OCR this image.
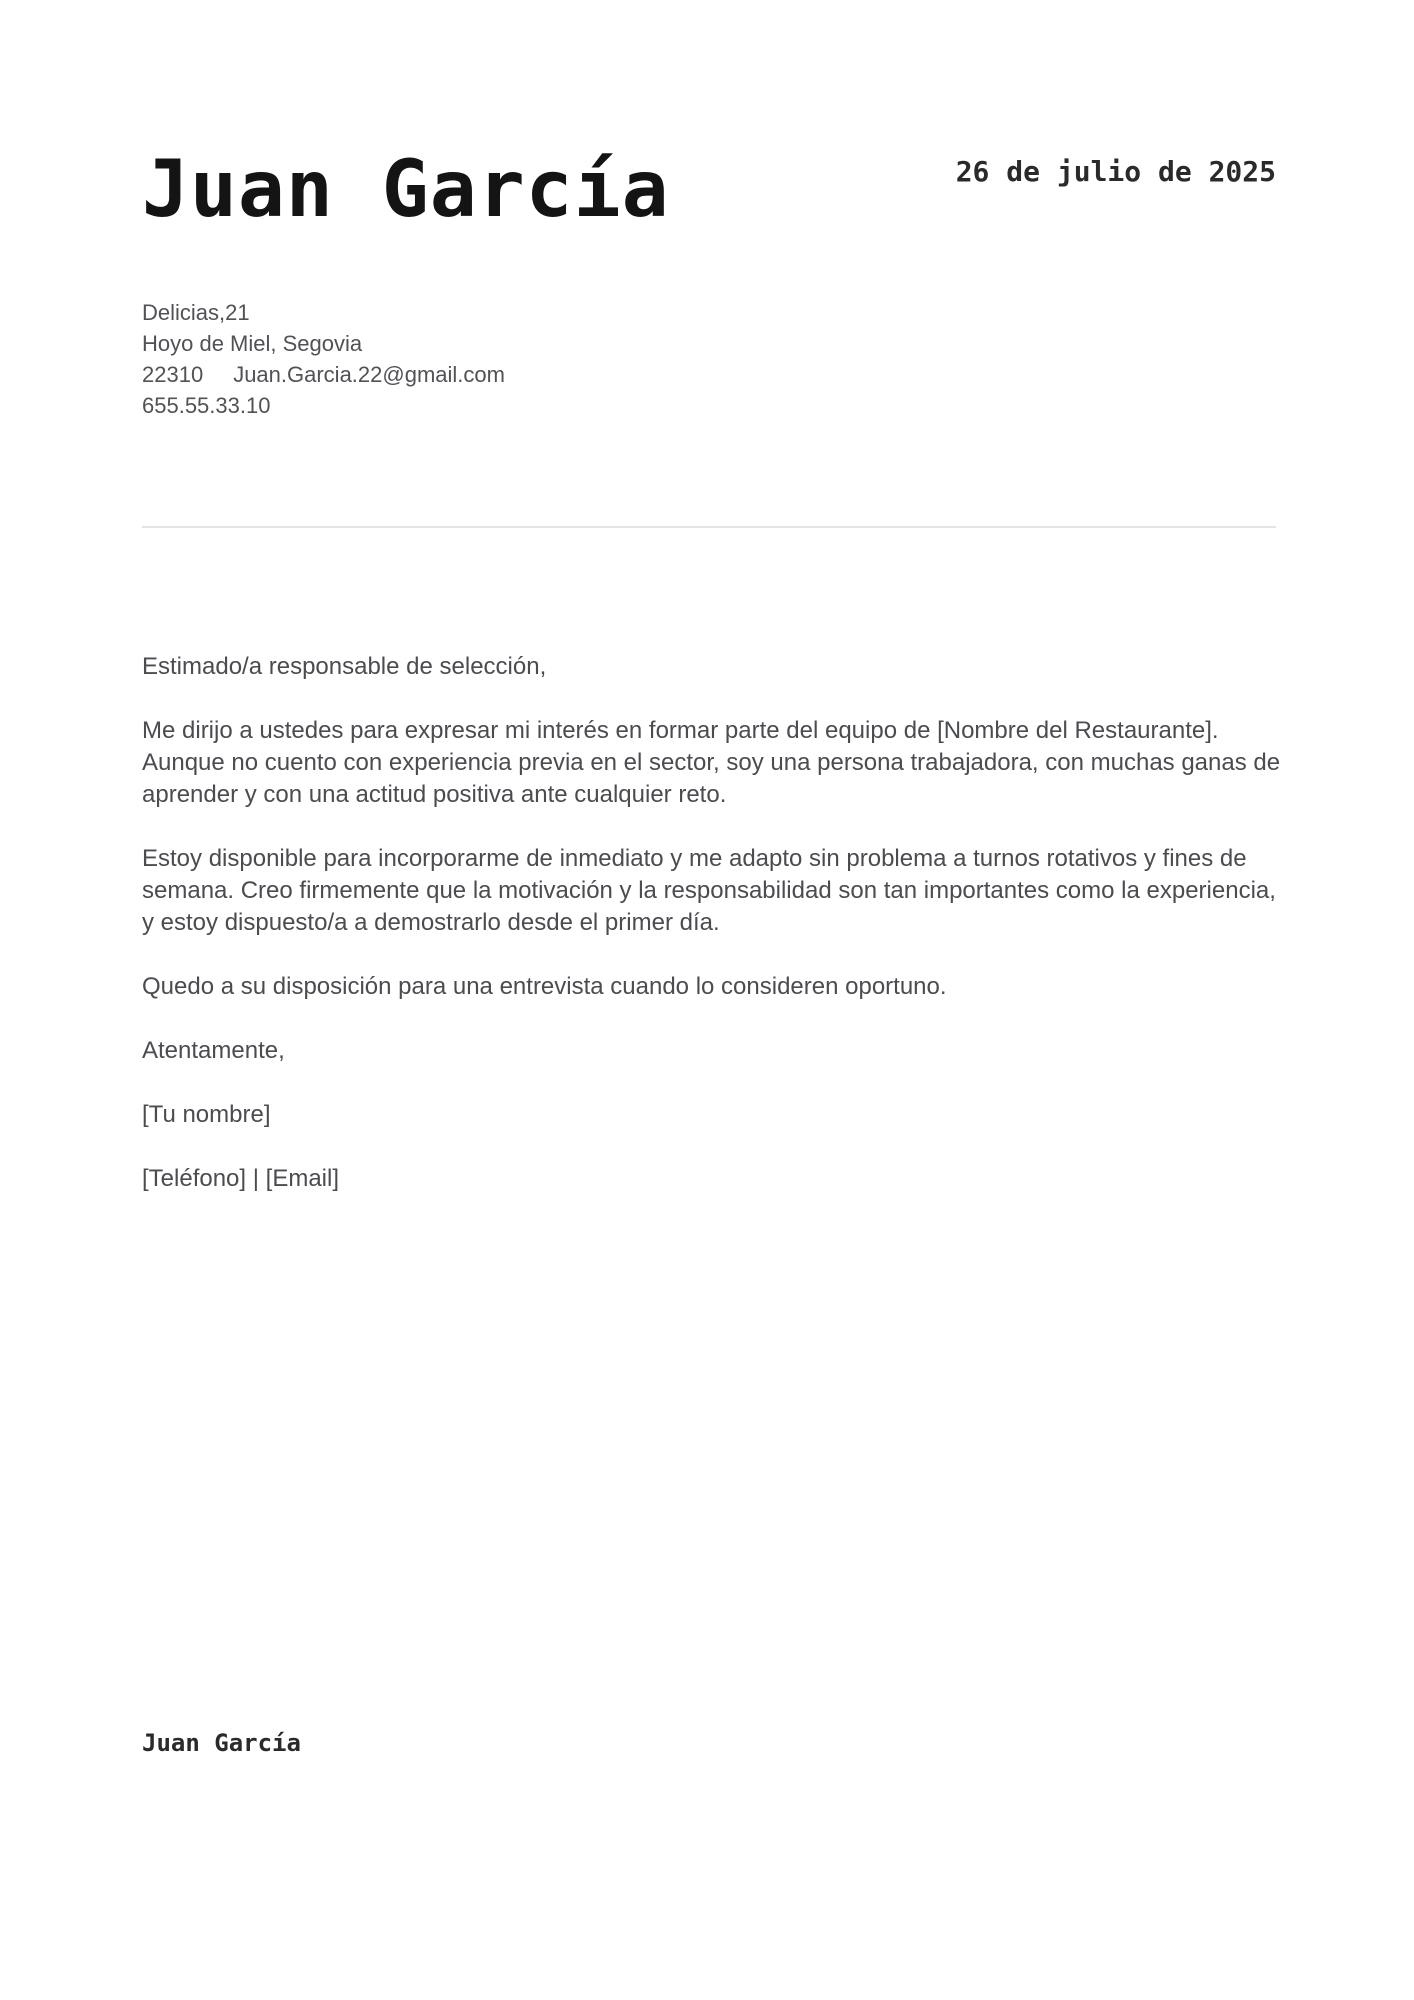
Juan García	26 de julio de 2025
Delicias,21
Hoyo de Miel, Segovia
22310 Juan.Garcia.22@gmail.com
655.55.33.10

Estimado/a responsable de selección,

Me dirijo a ustedes para expresar mi interés en formar parte del equipo de [Nombre del Restaurante]. Aunque no cuento con experiencia previa en el sector, soy una persona trabajadora, con muchas ganas de aprender y con una actitud positiva ante cualquier reto.

Estoy disponible para incorporarme de inmediato y me adapto sin problema a turnos rotativos y fines de semana. Creo firmemente que la motivación y la responsabilidad son tan importantes como la experiencia, y estoy dispuesto/a a demostrarlo desde el primer día.

Quedo a su disposición para una entrevista cuando lo consideren oportuno.

Atentamente,

[Tu nombre]

[Teléfono] | [Email]

Juan García
